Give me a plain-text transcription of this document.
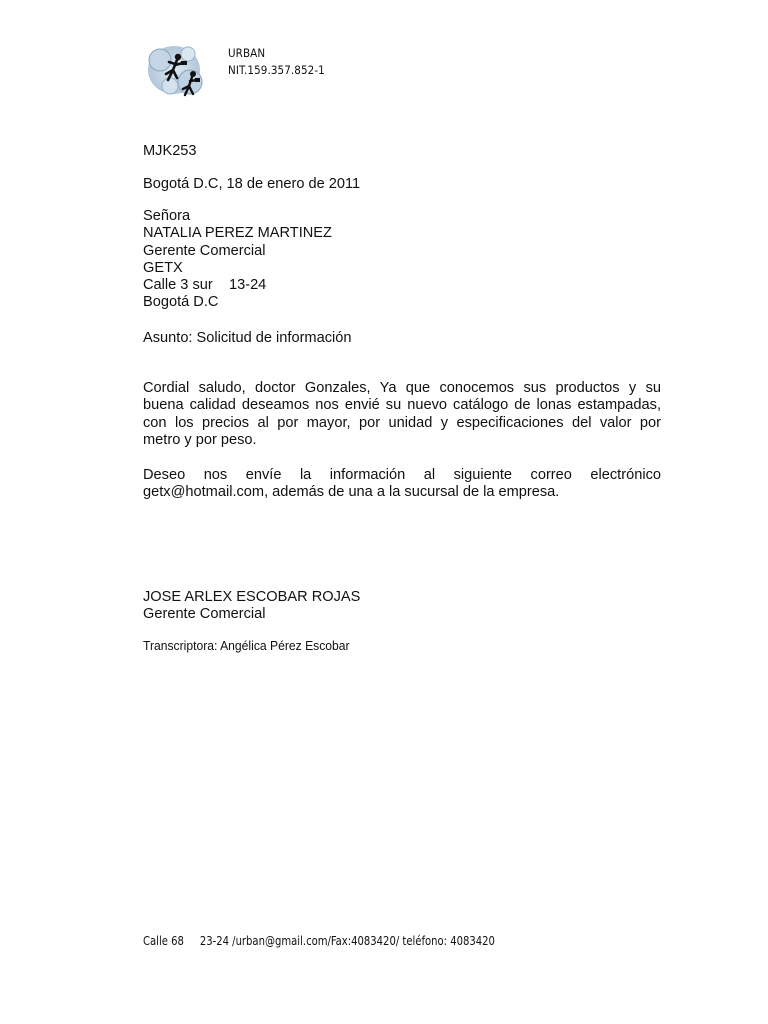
URBAN
NIT.159.357.852-1
MJK253
Bogotá D.C, 18 de enero de 2011
Señora
NATALIA PEREZ MARTINEZ
Gerente Comercial
GETX
Calle 3 sur    13-24
Bogotá D.C
Asunto: Solicitud de información
Cordial saludo, doctor Gonzales, Ya que conocemos sus productos y su
buena calidad deseamos nos envié su nuevo catálogo de lonas estampadas,
con los precios al por mayor, por unidad y especificaciones del valor por
metro y por peso.
Deseo nos envíe la información al siguiente correo electrónico
getx@hotmail.com, además de una a la sucursal de la empresa.
JOSE ARLEX ESCOBAR ROJAS
Gerente Comercial
Transcriptora: Angélica Pérez Escobar
Calle 68     23-24 /urban@gmail.com/Fax:4083420/ teléfono: 4083420
